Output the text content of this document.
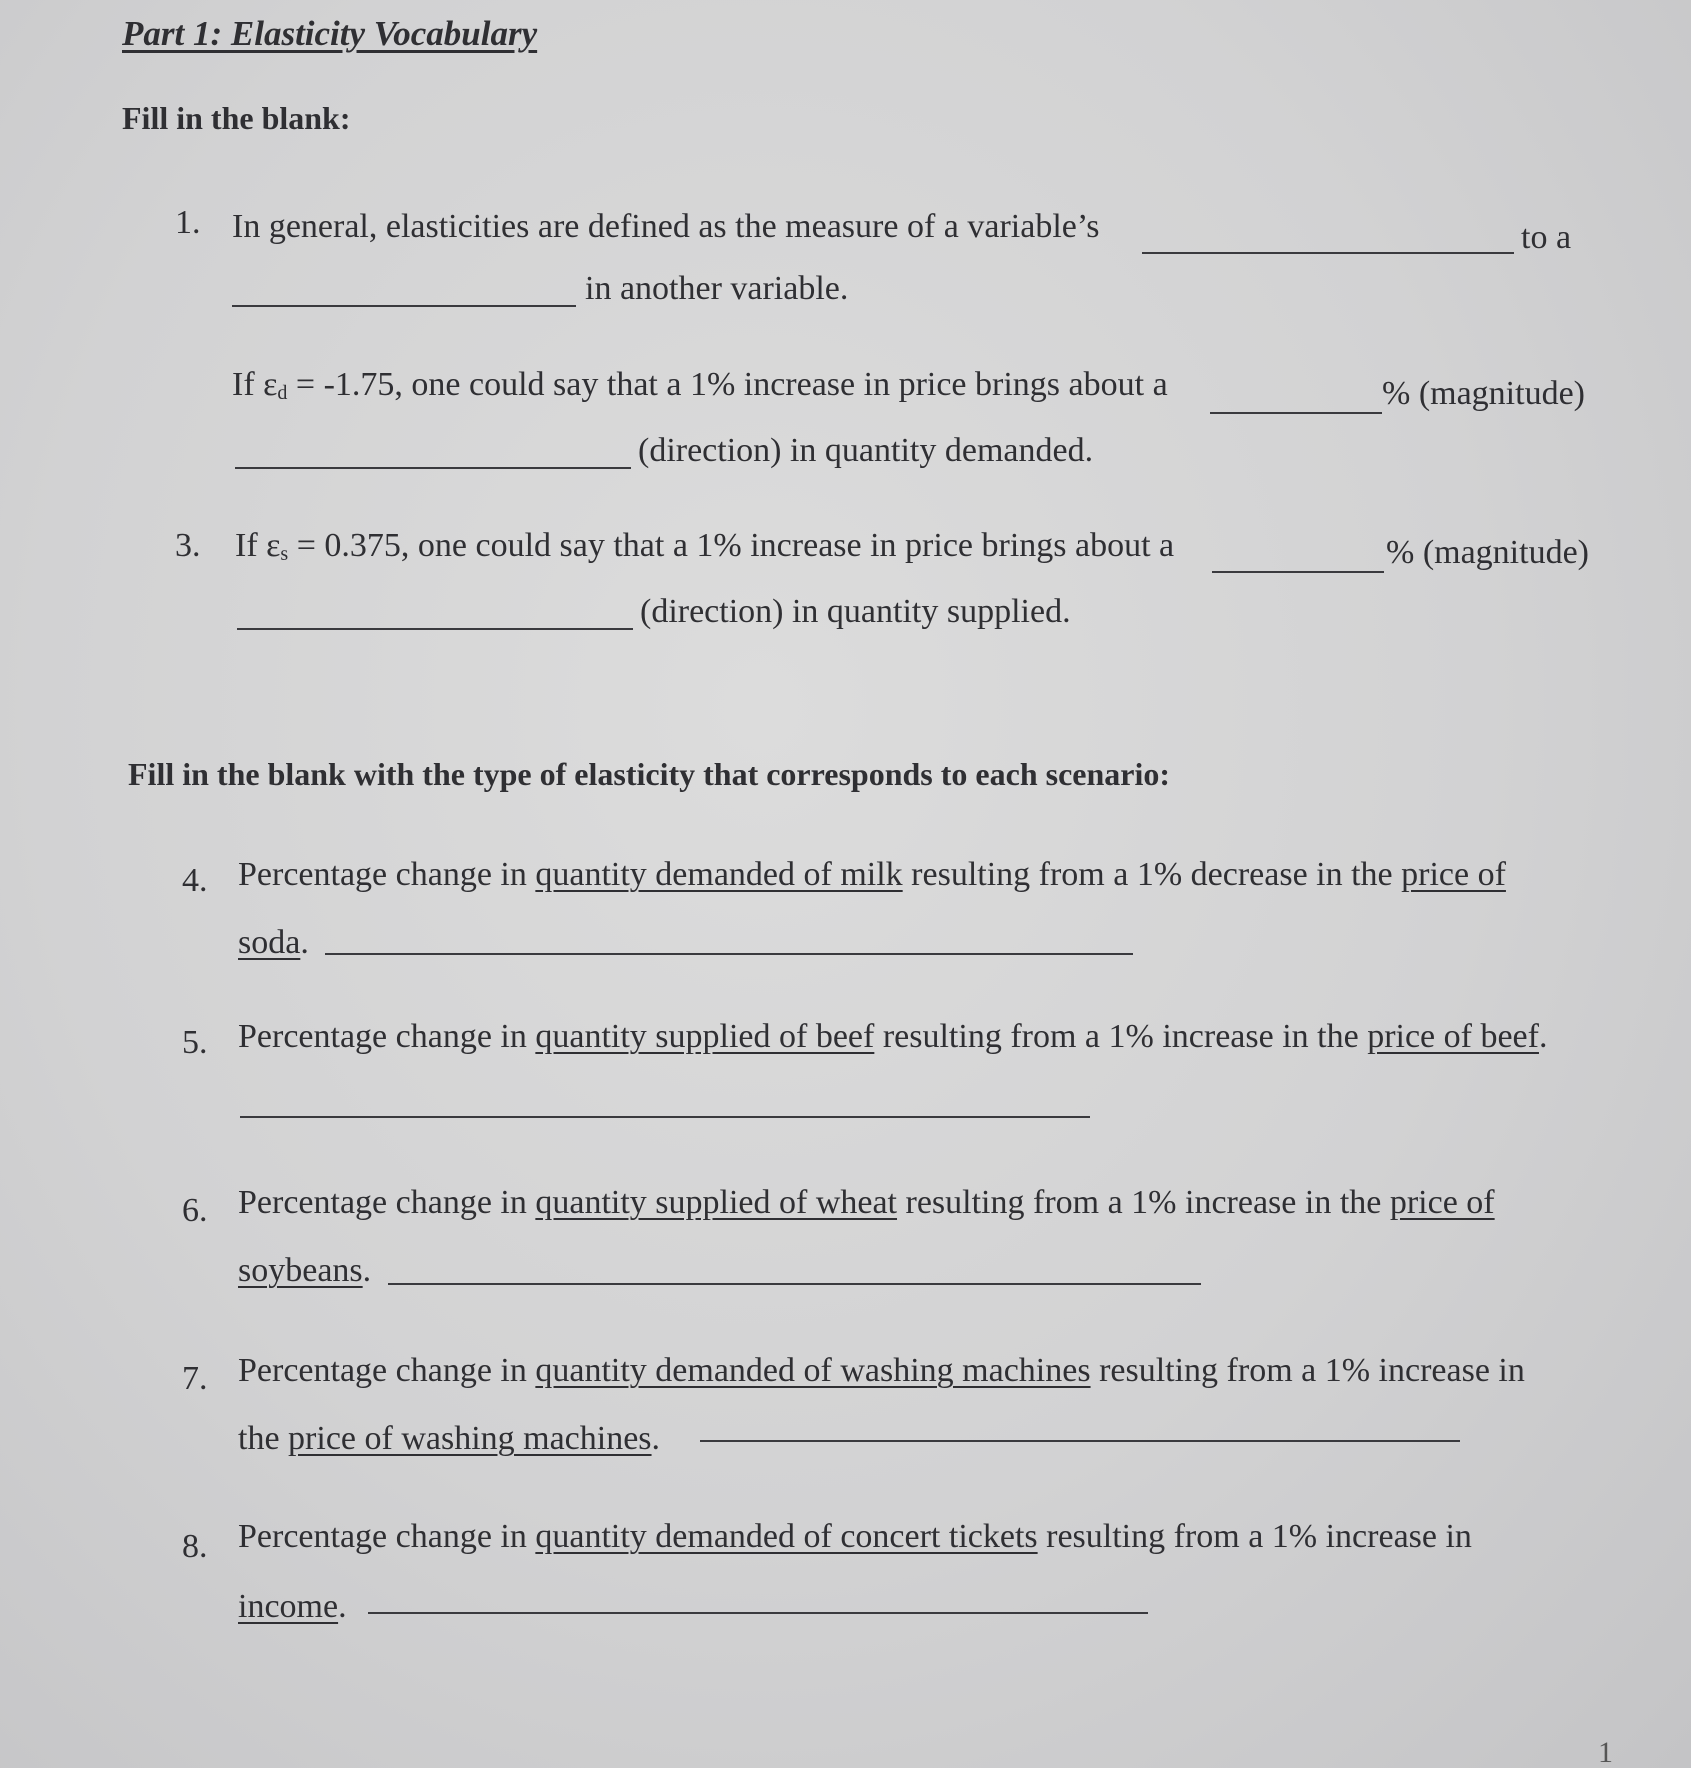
Part 1: Elasticity Vocabulary
Fill in the blank:
1. In general, elasticities are defined as the measure of a variable’s	to a
in another variable.
If $\varepsilon_d = -1.75$, one could say that a 1% increase in price brings about a	% (magnitude)
(direction) in quantity demanded.
3. If $\varepsilon_s = 0.375$, one could say that a 1% increase in price brings about a	% (magnitude)
(direction) in quantity supplied.
Fill in the blank with the type of elasticity that corresponds to each scenario:
4. Percentage change in quantity demanded of milk resulting from a 1% decrease in the price of
soda.
5. Percentage change in quantity supplied of beef resulting from a 1% increase in the price of beef.
6. Percentage change in quantity supplied of wheat resulting from a 1% increase in the price of
soybeans.
7. Percentage change in quantity demanded of washing machines resulting from a 1% increase in
the price of washing machines.
8. Percentage change in quantity demanded of concert tickets resulting from a 1% increase in
income.
1
